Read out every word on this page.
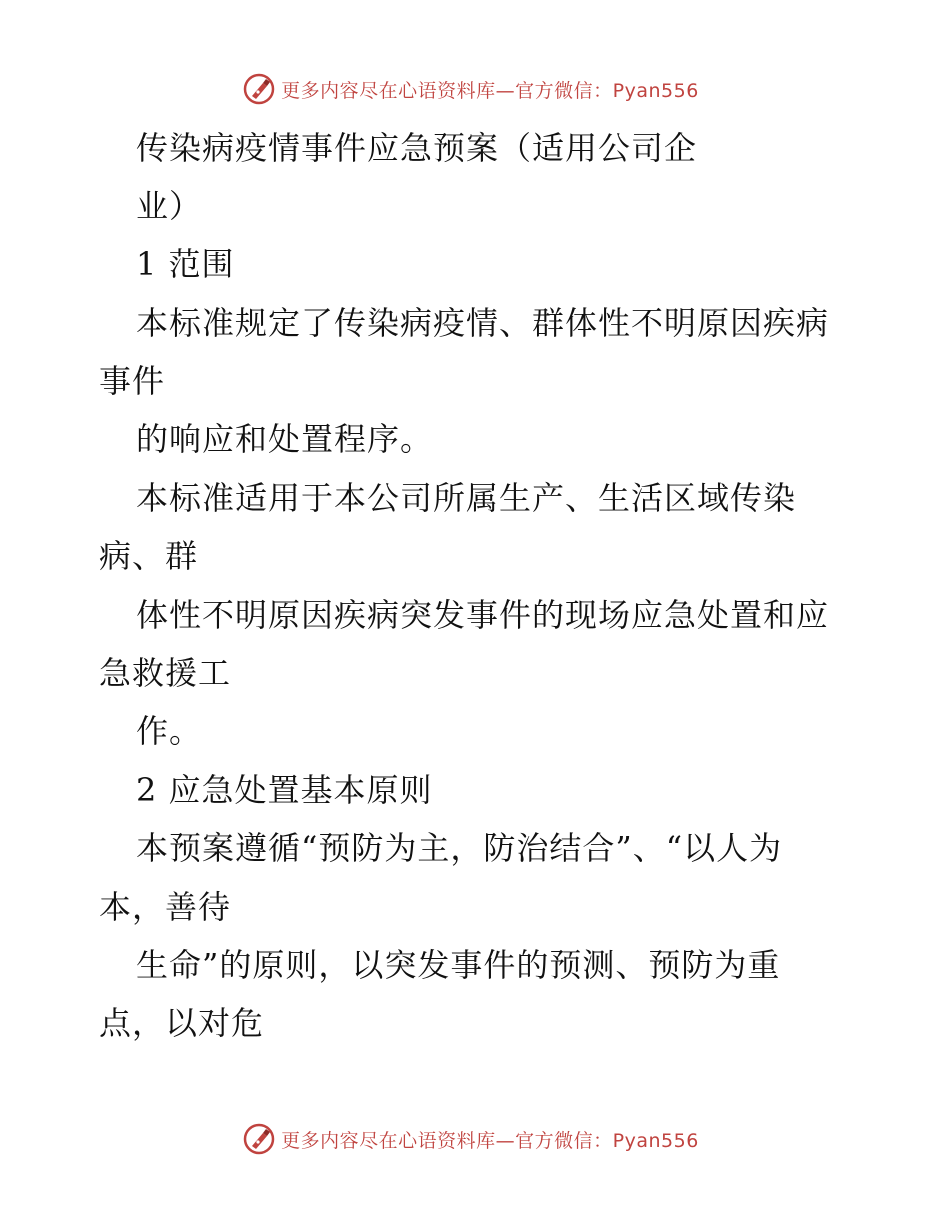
更多内容尽在心语资料库—官方微信：Pyan556
传染病疫情事件应急预案（适用公司企
业）
1 范围
本标准规定了传染病疫情、群体性不明原因疾病
事件
的响应和处置程序。
本标准适用于本公司所属生产、生活区域传染
病、群
体性不明原因疾病突发事件的现场应急处置和应
急救援工
作。
2 应急处置基本原则
本预案遵循“预防为主，防治结合”、“以人为
本，善待
生命”的原则，以突发事件的预测、预防为重
点，以对危
更多内容尽在心语资料库—官方微信：Pyan556
